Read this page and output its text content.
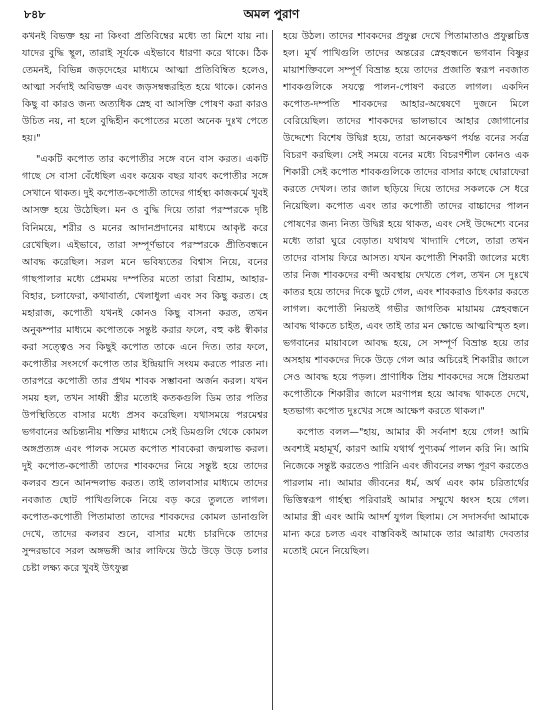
৮৪৮	অমল পুরাণ

কখনই বিভক্ত হয় না কিংবা প্রতিবিম্বের মধ্যে তা মিশে যায় না। যাদের বুদ্ধি স্থূল, তারাই সূর্যকে এইভাবে ধারণা করে থাকে। ঠিক তেমনই, বিভিন্ন জড়দেহের মাধ্যমে আত্মা প্রতিবিম্বিত হলেও, আত্মা সর্বদাই অবিভক্ত এবং জড়সম্বন্ধরহিত হয়ে থাকে। কোনও কিছু বা কারও জন্য অত্যধিক স্নেহ বা আসক্তি পোষণ করা কারও উচিত নয়, না হলে বুদ্ধিহীন কপোতের মতো অনেক দুঃখ পেতে হয়।"

"একটি কপোত তার কপোতীর সঙ্গে বনে বাস করত। একটি গাছে সে বাসা বেঁধেছিল এবং কয়েক বছর যাবৎ কপোতীর সঙ্গে সেখানে থাকত। দুই কপোত-কপোতী তাদের গার্হস্থ্য কাজকর্মে খুবই আসক্ত হয়ে উঠেছিল। মন ও বুদ্ধি দিয়ে তারা পরস্পরকে দৃষ্টি বিনিময়ে, শরীর ও মনের আদানপ্রদানের মাধ্যমে আকৃষ্ট করে রেখেছিল। এইভাবে, তারা সম্পূর্ণভাবে পরস্পরকে প্রীতিবন্ধনে আবদ্ধ করেছিল। সরল মনে ভবিষ্যতের বিশ্বাস নিয়ে, বনের গাছপালার মধ্যে প্রেমময় দম্পতির মতো তারা বিশ্রাম, আহার-বিহার, চলাফেরা, কথাবার্তা, খেলাধুলা এবং সব কিছু করত। হে মহারাজ, কপোতী যখনই কোনও কিছু বাসনা করত, তখন অনুকম্পার মাধ্যমে কপোতকে সন্তুষ্ট করার ফলে, বহু কষ্ট স্বীকার করা সত্ত্বেও সব কিছুই কপোত তাকে এনে দিত। তার ফলে, কপোতীর সংসর্গে কপোত তার ইন্দ্রিয়াদি সংযম করতে পারত না। তারপরে কপোতী তার প্রথম শাবক সম্ভাবনা অর্জন করল। যখন সময় হল, তখন সাধ্বী স্ত্রীর মতোই কতকগুলি ডিম তার পতির উপস্থিতিতে বাসার মধ্যে প্রসব করেছিল। যথাসময়ে পরমেশ্বর ভগবানের অচিন্ত্যনীয় শক্তির মাধ্যমে সেই ডিমগুলি থেকে কোমল অঙ্গপ্রত্যঙ্গ এবং পালক সমেত কপোত শাবকেরা জন্মলাভ করল। দুই কপোত-কপোতী তাদের শাবকদের নিয়ে সন্তুষ্ট হয়ে তাদের কলরব শুনে আনন্দলাভ করত। তাই তালবাসার মাধ্যমে তাদের নবজাত ছোট পাখিগুলিকে নিয়ে বড় করে তুলতে লাগল। কপোত-কপোতী পিতামাতা তাদের শাবকদের কোমল ডানাগুলি দেখে, তাদের কলরব শুনে, বাসার মধ্যে চারদিকে তাদের সুন্দরভাবে সরল অঙ্গভঙ্গী আর লাফিয়ে উঠে উড়ে উড়ে চলার চেষ্টা লক্ষ্য করে খুবই উৎফুল্ল

হয়ে উঠল। তাদের শাবকদের প্রফুল্ল দেখে পিতামাতাও প্রফুল্লচিত্ত হল। মূর্খ পাখিগুলি তাদের অন্তরের স্নেহবন্ধনে ভগবান বিষ্ণুর মায়াশক্তিবলে সম্পূর্ণ বিভ্রান্ত হয়ে তাদের প্রজাতি স্বরূপ নবজাত শাবকগুলিকে সযত্নে পালন-পোষণ করতে লাগল। একদিন কপোত-দম্পতি শাবকদের আহার-অন্বেষণে দুজনে মিলে বেরিয়েছিল। তাদের শাবকদের ভালভাবে আহার জোগানোর উদ্দেশ্যে বিশেষ উদ্বিগ্ন হয়ে, তারা অনেকক্ষণ পর্যন্ত বনের সর্বত্র বিচরণ করছিল। সেই সময়ে বনের মধ্যে বিচরণশীল কোনও এক শিকারী সেই কপোত শাবকগুলিকে তাদের বাসার কাছে ঘোরাফেরা করতে দেখল। তার জাল ছড়িয়ে দিয়ে তাদের সকলকে সে ধরে নিয়েছিল। কপোত এবং তার কপোতী তাদের বাচ্চাদের পালন পোষণের জন্য নিত্য উদ্বিগ্ন হয়ে থাকত, এবং সেই উদ্দেশ্যে বনের মধ্যে তারা ঘুরে বেড়াত। যথাযথ খাদ্যাদি পেলে, তারা তখন তাদের বাসায় ফিরে আসত। যখন কপোতী শিকারী জালের মধ্যে তার নিজ শাবকদের বন্দী অবস্থায় দেখতে পেল, তখন সে দুঃখে কাতর হয়ে তাদের দিকে ছুটে গেল, এবং শাবকরাও চিৎকার করতে লাগল। কপোতী নিয়তই গভীর জাগতিক মায়াময় স্নেহবন্ধনে আবদ্ধ থাকতে চাইত, এবং তাই তার মন ক্ষোভে আত্মবিস্মৃত হল। ভগবানের মায়াবলে আবদ্ধ হয়ে, সে সম্পূর্ণ বিভ্রান্ত হয়ে তার অসহায় শাবকদের দিকে উড়ে গেল আর অচিরেই শিকারীর জালে সেও আবদ্ধ হয়ে পড়ল। প্রাণাধিক প্রিয় শাবকদের সঙ্গে প্রিয়তমা কপোতীকে শিকারীর জালে মরণাপন্ন হয়ে আবদ্ধ থাকতে দেখে, হতভাগ্য কপোত দুঃখের সঙ্গে আক্ষেপ করতে থাকল।"

কপোত বলল—"হায়, আমার কী সর্বনাশ হয়ে গেল! আমি অবশ্যই মহামূর্খ, কারণ আমি যথার্থ পুণ্যকর্ম পালন করি নি। আমি নিজেকে সন্তুষ্ট করতেও পারিনি এবং জীবনের লক্ষ্য পূরণ করতেও পারলাম না। আমার জীবনের ধর্ম, অর্থ এবং কাম চরিতার্থের ভিত্তিস্বরূপ গার্হস্থ্য পরিবারই আমার সম্মুখে ধ্বংস হয়ে গেল। আমার স্ত্রী এবং আমি আদর্শ যুগল ছিলাম। সে সদাসর্বদা আমাকে মান্য করে চলত এবং বাস্তবিকই আমাকে তার আরাধ্য দেবতার মতোই মেনে নিয়েছিল।
